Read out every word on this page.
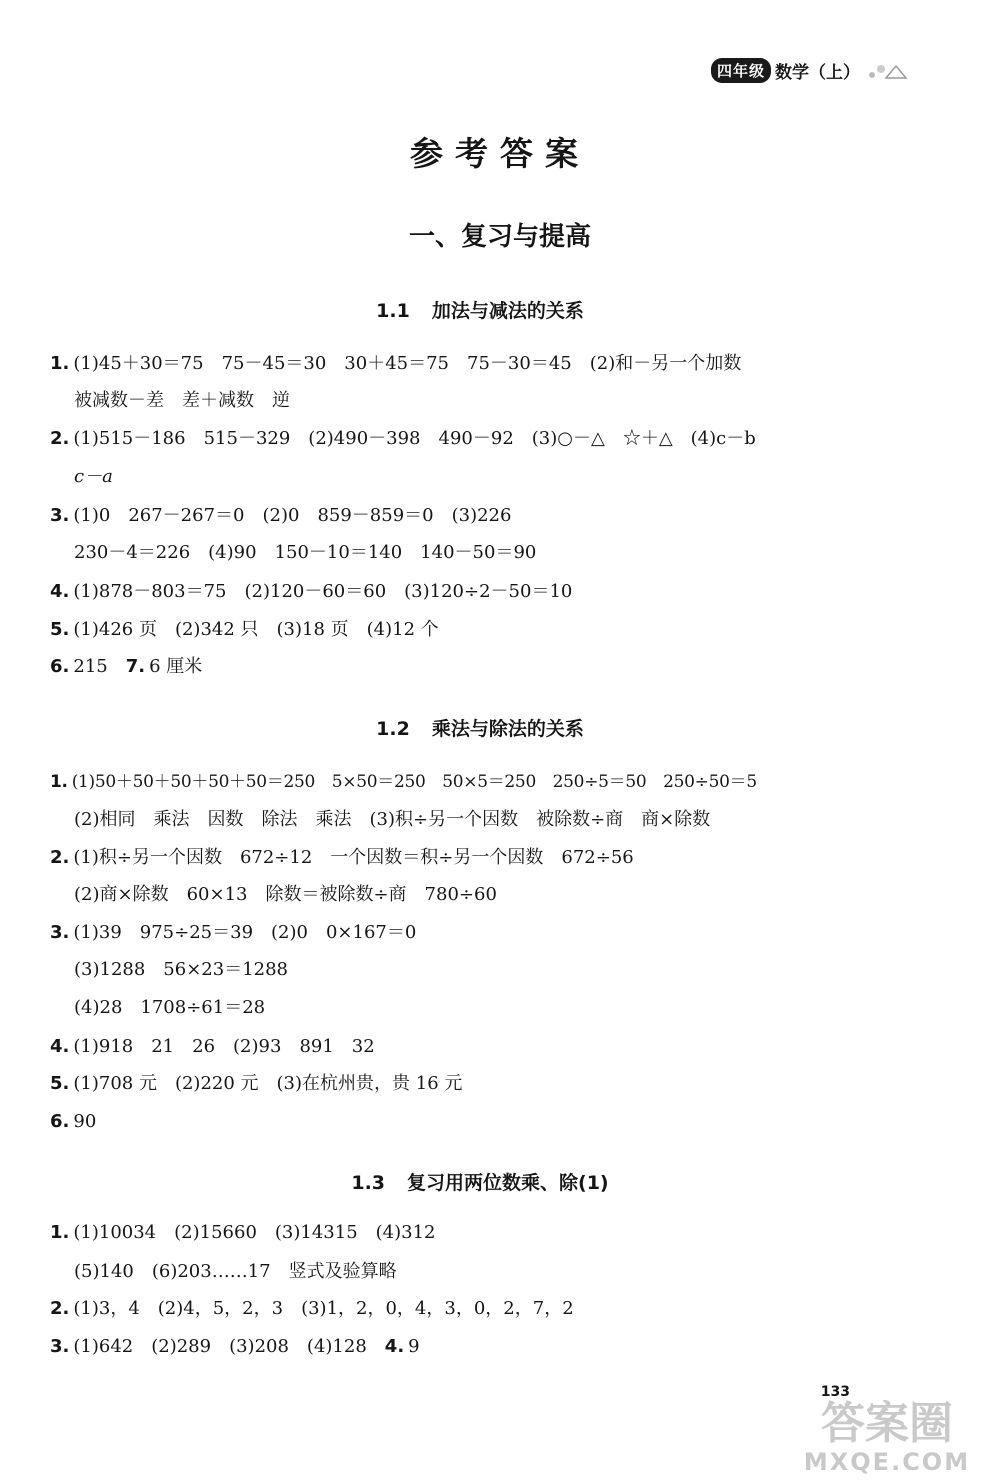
四年级 数学（上）
参考答案
一、复习与提高
1.1 加法与减法的关系
1. (1)45＋30＝75　75－45＝30　30＋45＝75　75－30＝45　(2)和－另一个加数
被减数－差　差＋减数　逆
2. (1)515－186　515－329　(2)490－398　490－92　(3)○－△　☆＋△　(4)c－b
c－a
3. (1)0　267－267＝0　(2)0　859－859＝0　(3)226
230－4＝226　(4)90　150－10＝140　140－50＝90
4. (1)878－803＝75　(2)120－60＝60　(3)120÷2－50＝10
5. (1)426 页　(2)342 只　(3)18 页　(4)12 个
6. 215　7. 6 厘米
1.2 乘法与除法的关系
1. (1)50＋50＋50＋50＋50＝250　5×50＝250　50×5＝250　250÷5＝50　250÷50＝5
(2)相同　乘法　因数　除法　乘法　(3)积÷另一个因数　被除数÷商　商×除数
2. (1)积÷另一个因数　672÷12　一个因数＝积÷另一个因数　672÷56
(2)商×除数　60×13　除数＝被除数÷商　780÷60
3. (1)39　975÷25＝39　(2)0　0×167＝0
(3)1288　56×23＝1288
(4)28　1708÷61＝28
4. (1)918　21　26　(2)93　891　32
5. (1)708 元　(2)220 元　(3)在杭州贵，贵 16 元
6. 90
1.3 复习用两位数乘、除(1)
1. (1)10034　(2)15660　(3)14315　(4)312
(5)140　(6)203……17　竖式及验算略
2. (1)3，4　(2)4，5，2，3　(3)1，2，0，4，3，0，2，7，2
3. (1)642　(2)289　(3)208　(4)128　4. 9
133
答案圈
MXQE.COM
